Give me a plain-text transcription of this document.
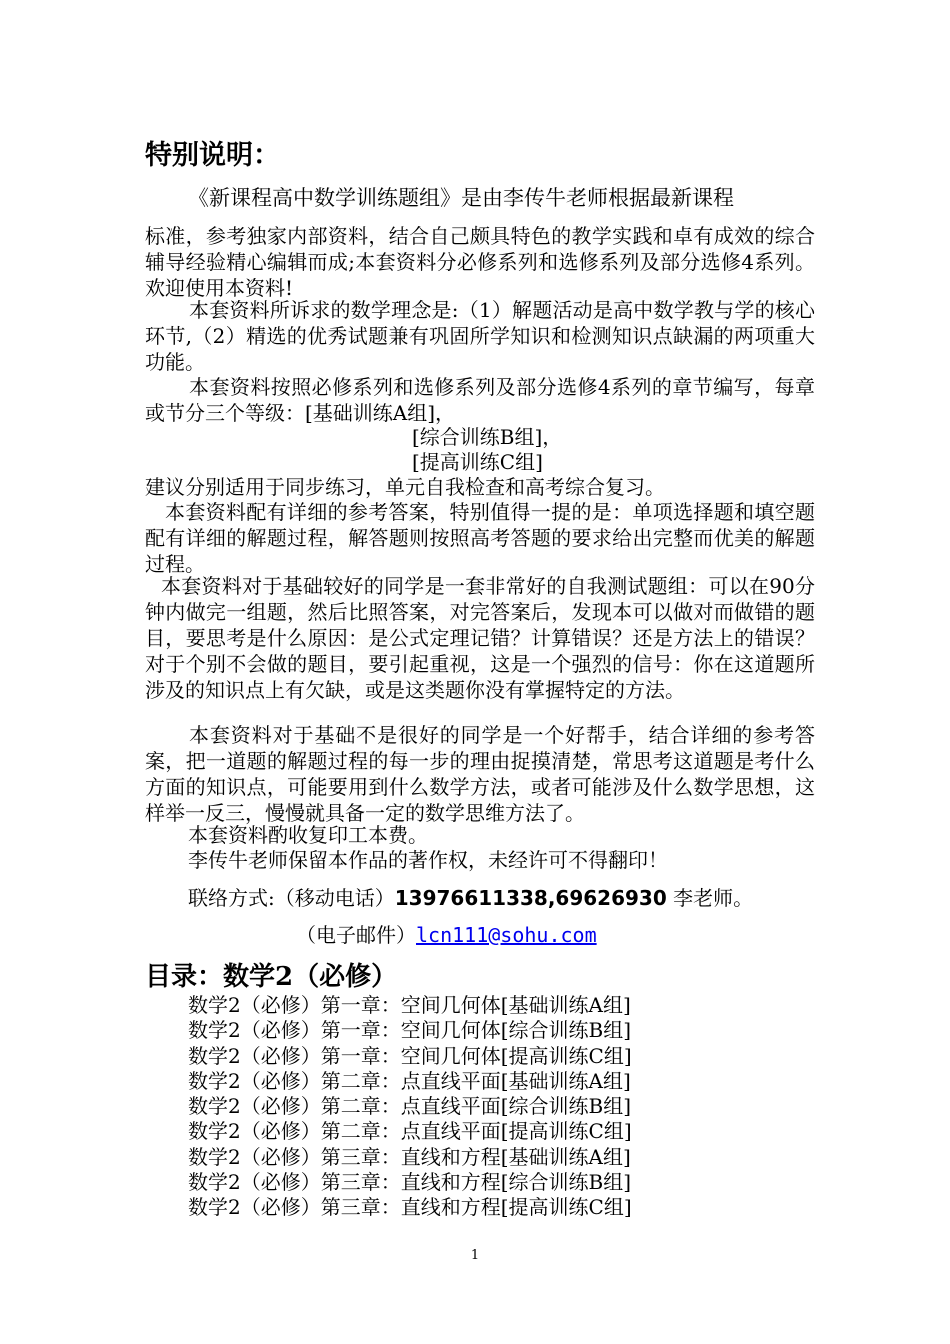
特别说明：

《新课程高中数学训练题组》是由李传牛老师根据最新课程

标准，参考独家内部资料，结合自己颇具特色的教学实践和卓有成效的综合辅导经验精心编辑而成;本套资料分必修系列和选修系列及部分选修4系列。欢迎使用本资料!

本套资料所诉求的数学理念是:（1）解题活动是高中数学教与学的核心环节,（2）精选的优秀试题兼有巩固所学知识和检测知识点缺漏的两项重大功能。

本套资料按照必修系列和选修系列及部分选修4系列的章节编写，每章或节分三个等级：[基础训练A组]，

[综合训练B组]，

[提高训练C组]

建议分别适用于同步练习，单元自我检查和高考综合复习。

本套资料配有详细的参考答案，特别值得一提的是：单项选择题和填空题配有详细的解题过程，解答题则按照高考答题的要求给出完整而优美的解题过程。

本套资料对于基础较好的同学是一套非常好的自我测试题组：可以在90分钟内做完一组题，然后比照答案，对完答案后，发现本可以做对而做错的题目，要思考是什么原因：是公式定理记错？计算错误？还是方法上的错误？对于个别不会做的题目，要引起重视，这是一个强烈的信号：你在这道题所涉及的知识点上有欠缺，或是这类题你没有掌握特定的方法。

本套资料对于基础不是很好的同学是一个好帮手，结合详细的参考答案，把一道题的解题过程的每一步的理由捉摸清楚，常思考这道题是考什么方面的知识点，可能要用到什么数学方法，或者可能涉及什么数学思想，这样举一反三，慢慢就具备一定的数学思维方法了。

本套资料酌收复印工本费。

李传牛老师保留本作品的著作权，未经许可不得翻印！

联络方式:（移动电话）13976611338,69626930 李老师。

（电子邮件）lcn111@sohu.com

目录：数学2（必修）
数学2（必修）第一章：空间几何体[基础训练A组]
数学2（必修）第一章：空间几何体[综合训练B组]
数学2（必修）第一章：空间几何体[提高训练C组]
数学2（必修）第二章：点直线平面[基础训练A组]
数学2（必修）第二章：点直线平面[综合训练B组]
数学2（必修）第二章：点直线平面[提高训练C组]
数学2（必修）第三章：直线和方程[基础训练A组]
数学2（必修）第三章：直线和方程[综合训练B组]
数学2（必修）第三章：直线和方程[提高训练C组]
1
